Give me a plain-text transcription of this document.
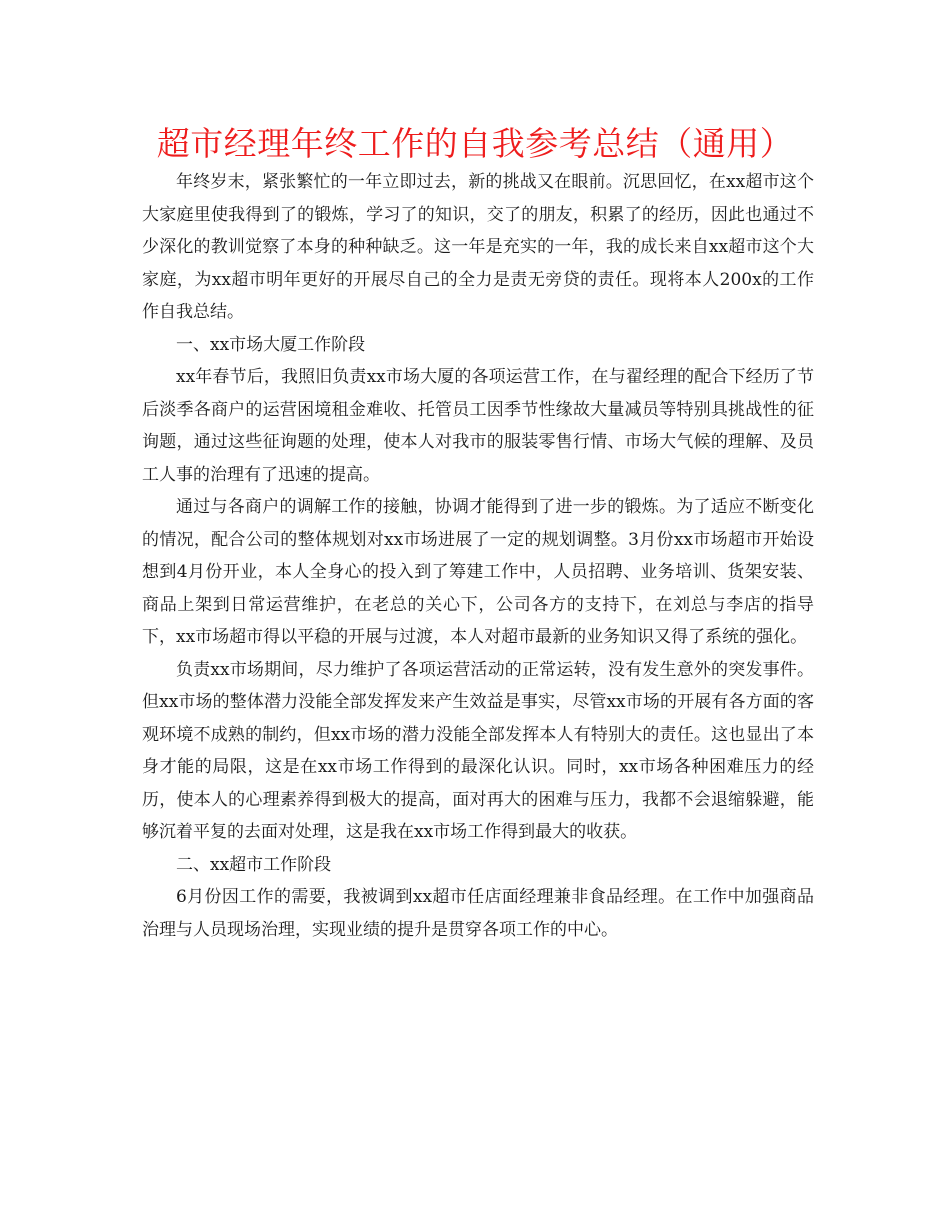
超市经理年终工作的自我参考总结（通用）

年终岁末，紧张繁忙的一年立即过去，新的挑战又在眼前。沉思回忆，在xx超市这个大家庭里使我得到了的锻炼，学习了的知识，交了的朋友，积累了的经历，因此也通过不少深化的教训觉察了本身的种种缺乏。这一年是充实的一年，我的成长来自xx超市这个大家庭，为xx超市明年更好的开展尽自己的全力是责无旁贷的责任。现将本人200x的工作作自我总结。

一、xx市场大厦工作阶段

xx年春节后，我照旧负责xx市场大厦的各项运营工作，在与翟经理的配合下经历了节后淡季各商户的运营困境租金难收、托管员工因季节性缘故大量减员等特别具挑战性的征询题，通过这些征询题的处理，使本人对我市的服装零售行情、市场大气候的理解、及员工人事的治理有了迅速的提高。

通过与各商户的调解工作的接触，协调才能得到了进一步的锻炼。为了适应不断变化的情况，配合公司的整体规划对xx市场进展了一定的规划调整。3月份xx市场超市开始设想到4月份开业，本人全身心的投入到了筹建工作中，人员招聘、业务培训、货架安装、商品上架到日常运营维护，在老总的关心下，公司各方的支持下，在刘总与李店的指导下，xx市场超市得以平稳的开展与过渡，本人对超市最新的业务知识又得了系统的强化。

负责xx市场期间，尽力维护了各项运营活动的正常运转，没有发生意外的突发事件。但xx市场的整体潜力没能全部发挥发来产生效益是事实，尽管xx市场的开展有各方面的客观环境不成熟的制约，但xx市场的潜力没能全部发挥本人有特别大的责任。这也显出了本身才能的局限，这是在xx市场工作得到的最深化认识。同时，xx市场各种困难压力的经历，使本人的心理素养得到极大的提高，面对再大的困难与压力，我都不会退缩躲避，能够沉着平复的去面对处理，这是我在xx市场工作得到最大的收获。

二、xx超市工作阶段

6月份因工作的需要，我被调到xx超市任店面经理兼非食品经理。在工作中加强商品治理与人员现场治理，实现业绩的提升是贯穿各项工作的中心。
